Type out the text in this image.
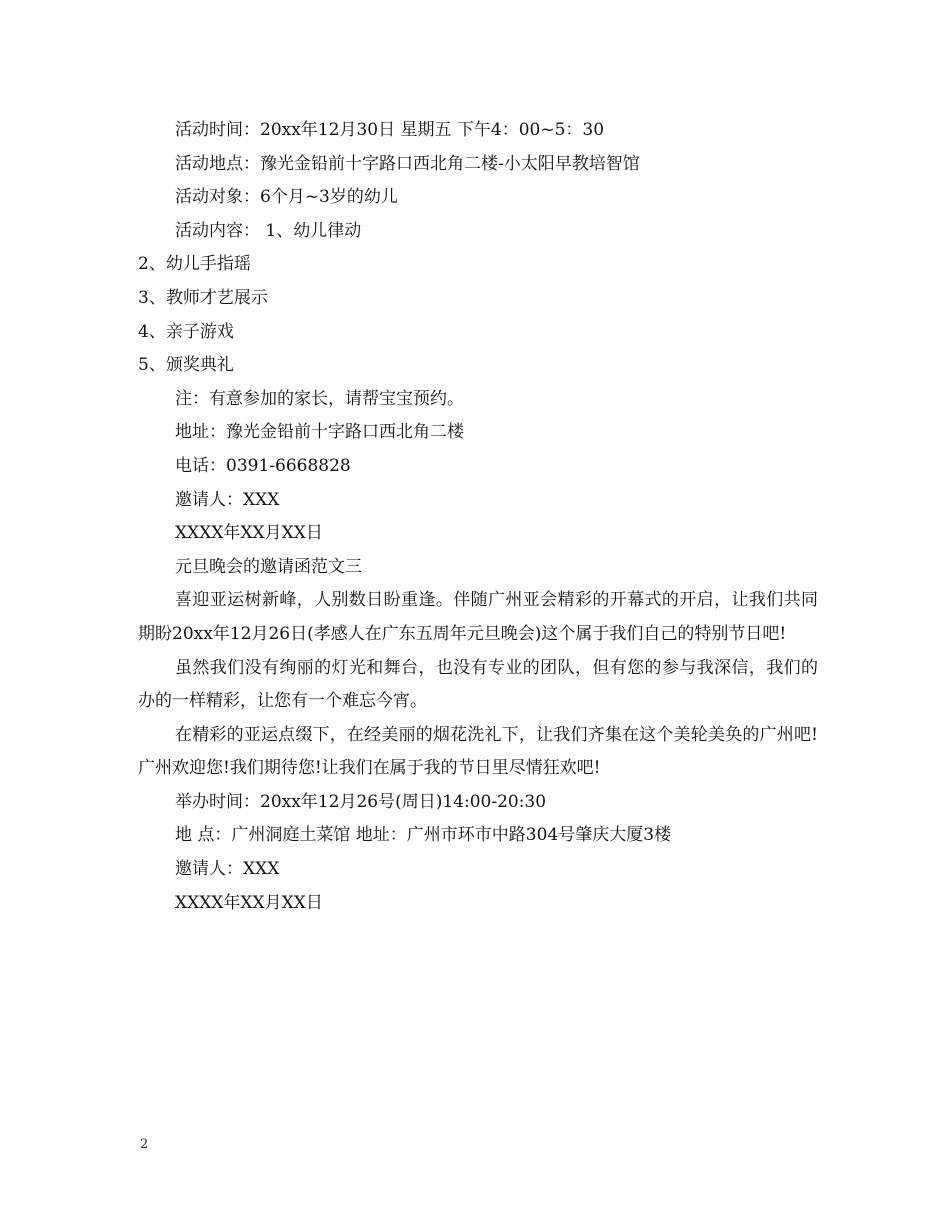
活动时间：20xx年12月30日 星期五 下午4：00~5：30
活动地点：豫光金铅前十字路口西北角二楼-小太阳早教培智馆
活动对象：6个月~3岁的幼儿
活动内容： 1、幼儿律动
2、幼儿手指瑶
3、教师才艺展示
4、亲子游戏
5、颁奖典礼
注：有意参加的家长，请帮宝宝预约。
地址：豫光金铅前十字路口西北角二楼
电话：0391-6668828
邀请人：XXX
XXXX年XX月XX日
元旦晚会的邀请函范文三

喜迎亚运树新峰，人别数日盼重逢。伴随广州亚会精彩的开幕式的开启，让我们共同期盼20xx年12月26日(孝感人在广东五周年元旦晚会)这个属于我们自己的特别节日吧!

虽然我们没有绚丽的灯光和舞台，也没有专业的团队，但有您的参与我深信，我们的办的一样精彩，让您有一个难忘今宵。

在精彩的亚运点缀下，在经美丽的烟花洗礼下，让我们齐集在这个美轮美奂的广州吧!广州欢迎您!我们期待您!让我们在属于我的节日里尽情狂欢吧!

举办时间：20xx年12月26号(周日)14:00-20:30
地 点：广州洞庭土菜馆 地址：广州市环市中路304号肇庆大厦3楼
邀请人：XXX
XXXX年XX月XX日
2
